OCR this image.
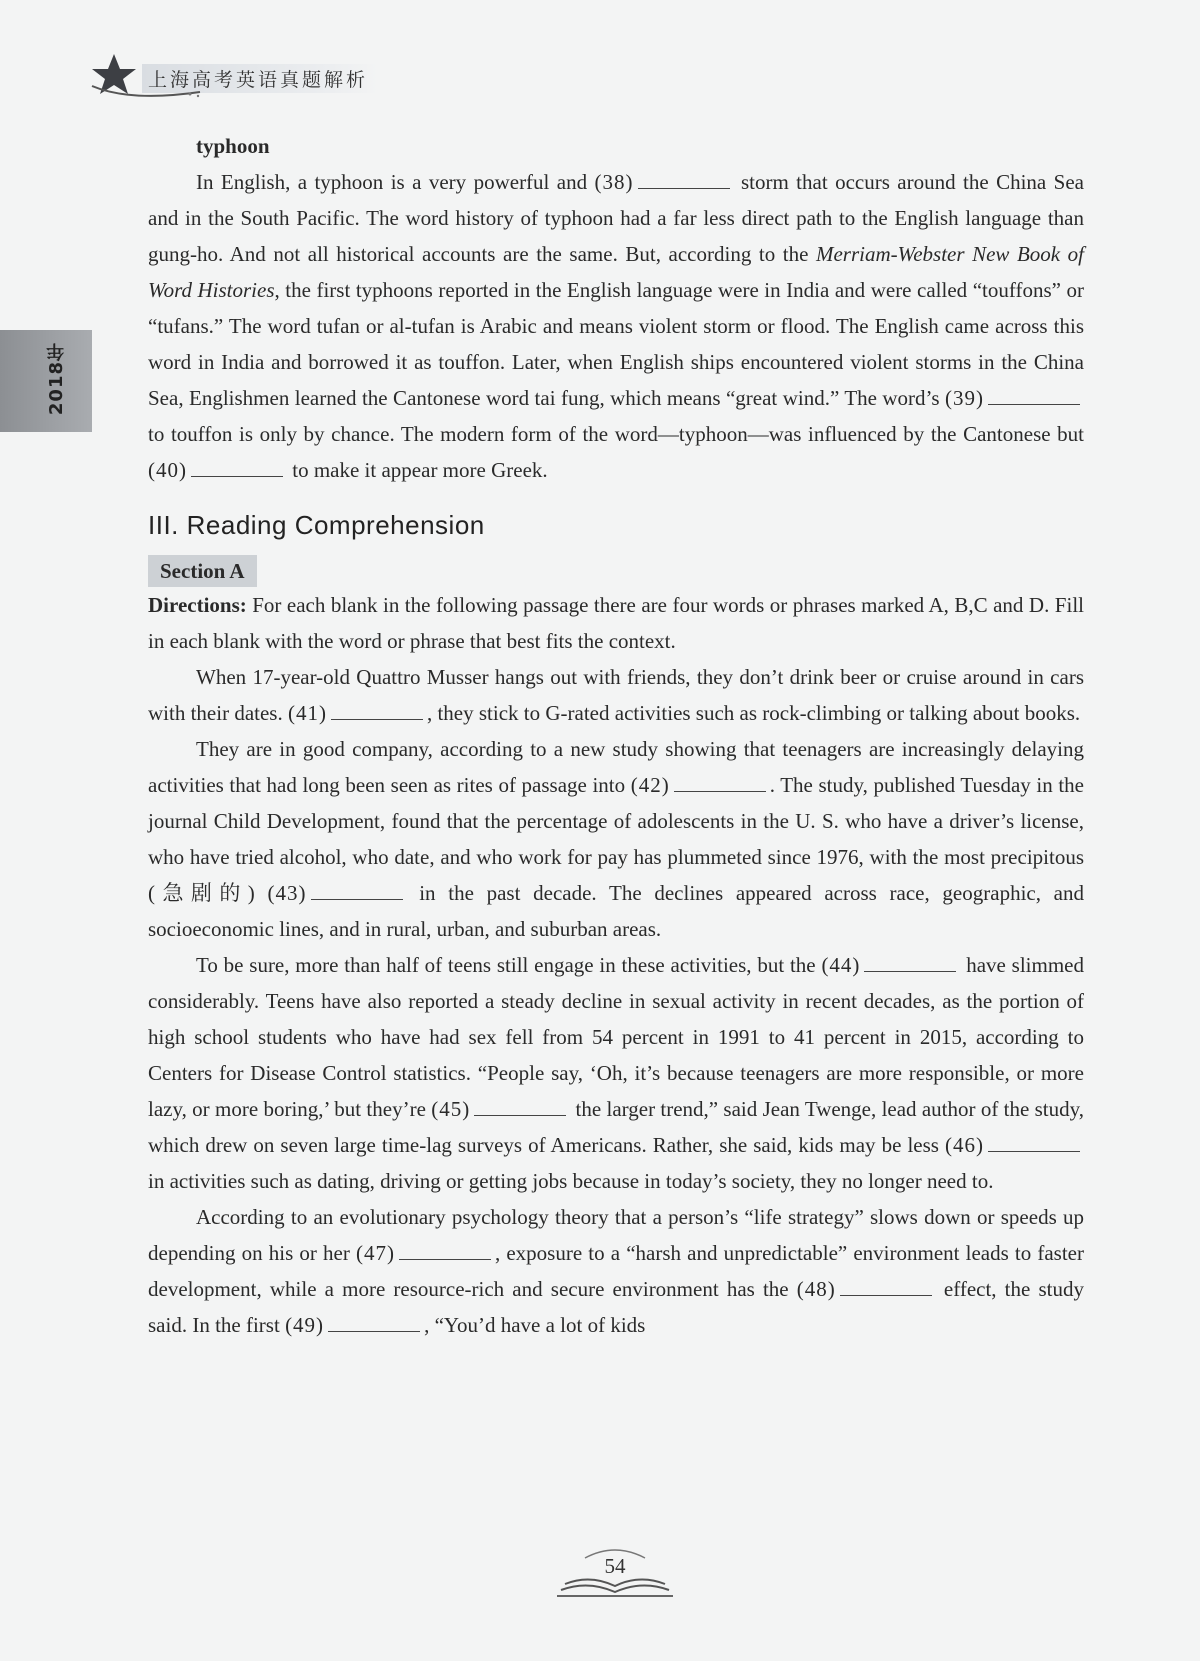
上海高考英语真题解析
2018年

typhoon

In English, a typhoon is a very powerful and (38)	storm that occurs around the China Sea and in the South Pacific. The word history of typhoon had a far less direct path to the English language than gung-ho. And not all historical accounts are the same. But, according to the Merriam-Webster New Book of Word Histories, the first typhoons reported in the English language were in India and were called “touffons” or “tufans.” The word tufan or al-tufan is Arabic and means violent storm or flood. The English came across this word in India and borrowed it as touffon. Later, when English ships encountered violent storms in the China Sea, Englishmen learned the Cantonese word tai fung, which means “great wind.” The word’s (39) to touffon is only by chance. The modern form of the word—typhoon—was influenced by the Cantonese but (40)	to make it appear more Greek.

III. Reading Comprehension
Section A

Directions: For each blank in the following passage there are four words or phrases marked A, B,C and D. Fill in each blank with the word or phrase that best fits the context.

When 17-year-old Quattro Musser hangs out with friends, they don’t drink beer or cruise around in cars with their dates. (41)	, they stick to G-rated activities such as rock-climbing or talking about books.

They are in good company, according to a new study showing that teenagers are increasingly delaying activities that had long been seen as rites of passage into (42)	. The study, published Tuesday in the journal Child Development, found that the percentage of adolescents in the U. S. who have a driver’s license, who have tried alcohol, who date, and who work for pay has plummeted since 1976, with the most precipitous (急剧的) (43)	in the past decade. The declines appeared across race, geographic, and socioeconomic lines, and in rural, urban, and suburban areas.

To be sure, more than half of teens still engage in these activities, but the (44)	have slimmed considerably. Teens have also reported a steady decline in sexual activity in recent decades, as the portion of high school students who have had sex fell from 54 percent in 1991 to 41 percent in 2015, according to Centers for Disease Control statistics. “People say, ‘Oh, it’s because teenagers are more responsible, or more lazy, or more boring,’ but they’re (45)	the larger trend,” said Jean Twenge, lead author of the study, which drew on seven large time-lag surveys of Americans. Rather, she said, kids may be less (46) in activities such as dating, driving or getting jobs because in today’s society, they no longer need to.

According to an evolutionary psychology theory that a person’s “life strategy” slows down or speeds up depending on his or her (47)	, exposure to a “harsh and unpredictable” environment leads to faster development, while a more resource-rich and secure environment has the (48)	effect, the study said. In the first (49)	, “You’d have a lot of kids

54
